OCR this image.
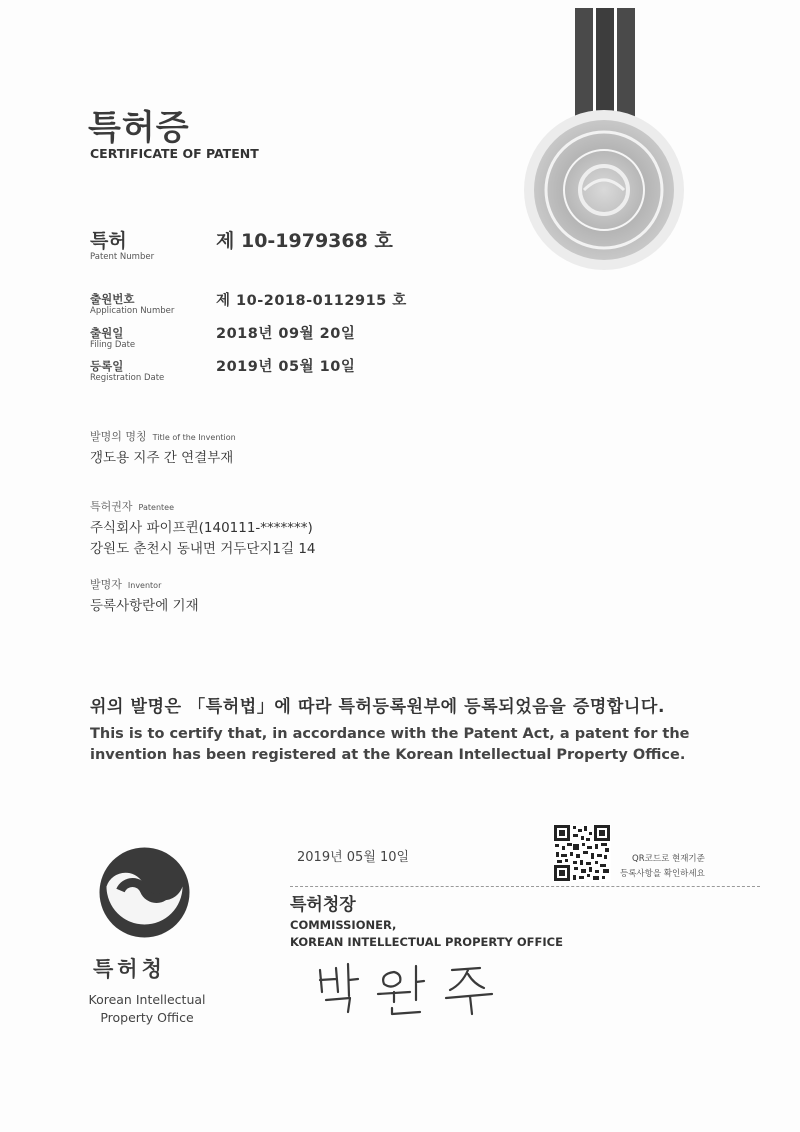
특허증
CERTIFICATE OF PATENT
특허
Patent Number
제 10-1979368 호
출원번호
Application Number
제 10-2018-0112915 호
출원일
Filing Date
2018년 09월 20일
등록일
Registration Date
2019년 05월 10일
발명의 명칭 Title of the Invention
갱도용 지주 간 연결부재
특허권자 Patentee
주식회사 파이프퀸(140111-*******)
강원도 춘천시 동내면 거두단지1길 14
발명자 Inventor
등록사항란에 기재
위의 발명은 「특허법」에 따라 특허등록원부에 등록되었음을 증명합니다.
This is to certify that, in accordance with the Patent Act, a patent for the invention has been registered at the Korean Intellectual Property Office.
2019년 05월 10일	QR코드로 현재기준
등록사항을 확인하세요
특허청장
COMMISSIONER,
KOREAN INTELLECTUAL PROPERTY OFFICE
특허청
Korean Intellectual Property Office
